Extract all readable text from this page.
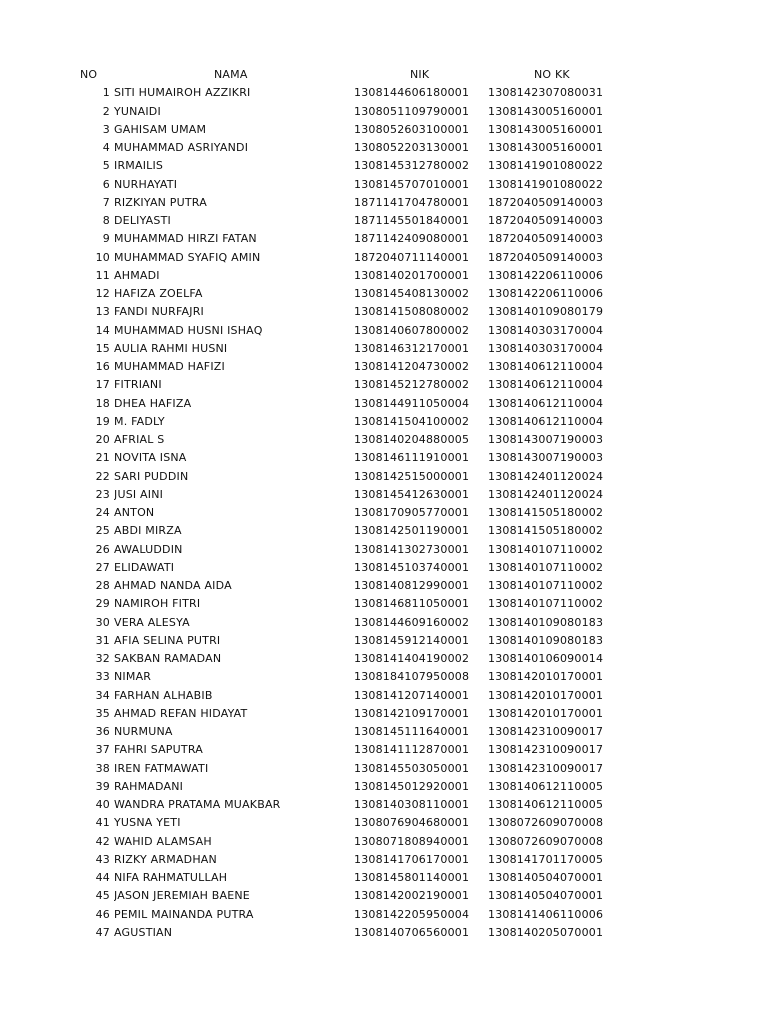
NO	NAMA	NIK	NO KK
1 SITI HUMAIROH AZZIKRI	1308144606180001	1308142307080031
2 YUNAIDI	1308051109790001	1308143005160001
3 GAHISAM UMAM	1308052603100001	1308143005160001
4 MUHAMMAD ASRIYANDI	1308052203130001	1308143005160001
5 IRMAILIS	1308145312780002	1308141901080022
6 NURHAYATI	1308145707010001	1308141901080022
7 RIZKIYAN PUTRA	1871141704780001	1872040509140003
8 DELIYASTI	1871145501840001	1872040509140003
9 MUHAMMAD HIRZI FATAN	1871142409080001	1872040509140003
10 MUHAMMAD SYAFIQ AMIN	1872040711140001	1872040509140003
11 AHMADI	1308140201700001	1308142206110006
12 HAFIZA ZOELFA	1308145408130002	1308142206110006
13 FANDI NURFAJRI	1308141508080002	1308140109080179
14 MUHAMMAD HUSNI ISHAQ	1308140607800002	1308140303170004
15 AULIA RAHMI HUSNI	1308146312170001	1308140303170004
16 MUHAMMAD HAFIZI	1308141204730002	1308140612110004
17 FITRIANI	1308145212780002	1308140612110004
18 DHEA HAFIZA	1308144911050004	1308140612110004
19 M. FADLY	1308141504100002	1308140612110004
20 AFRIAL S	1308140204880005	1308143007190003
21 NOVITA ISNA	1308146111910001	1308143007190003
22 SARI PUDDIN	1308142515000001	1308142401120024
23 JUSI AINI	1308145412630001	1308142401120024
24 ANTON	1308170905770001	1308141505180002
25 ABDI MIRZA	1308142501190001	1308141505180002
26 AWALUDDIN	1308141302730001	1308140107110002
27 ELIDAWATI	1308145103740001	1308140107110002
28 AHMAD NANDA AIDA	1308140812990001	1308140107110002
29 NAMIROH FITRI	1308146811050001	1308140107110002
30 VERA ALESYA	1308144609160002	1308140109080183
31 AFIA SELINA PUTRI	1308145912140001	1308140109080183
32 SAKBAN RAMADAN	1308141404190002	1308140106090014
33 NIMAR	1308184107950008	1308142010170001
34 FARHAN ALHABIB	1308141207140001	1308142010170001
35 AHMAD REFAN HIDAYAT	1308142109170001	1308142010170001
36 NURMUNA	1308145111640001	1308142310090017
37 FAHRI SAPUTRA	1308141112870001	1308142310090017
38 IREN FATMAWATI	1308145503050001	1308142310090017
39 RAHMADANI	1308145012920001	1308140612110005
40 WANDRA PRATAMA MUAKBAR	1308140308110001	1308140612110005
41 YUSNA YETI	1308076904680001	1308072609070008
42 WAHID ALAMSAH	1308071808940001	1308072609070008
43 RIZKY ARMADHAN	1308141706170001	1308141701170005
44 NIFA RAHMATULLAH	1308145801140001	1308140504070001
45 JASON JEREMIAH BAENE	1308142002190001	1308140504070001
46 PEMIL MAINANDA PUTRA	1308142205950004	1308141406110006
47 AGUSTIAN	1308140706560001	1308140205070001
